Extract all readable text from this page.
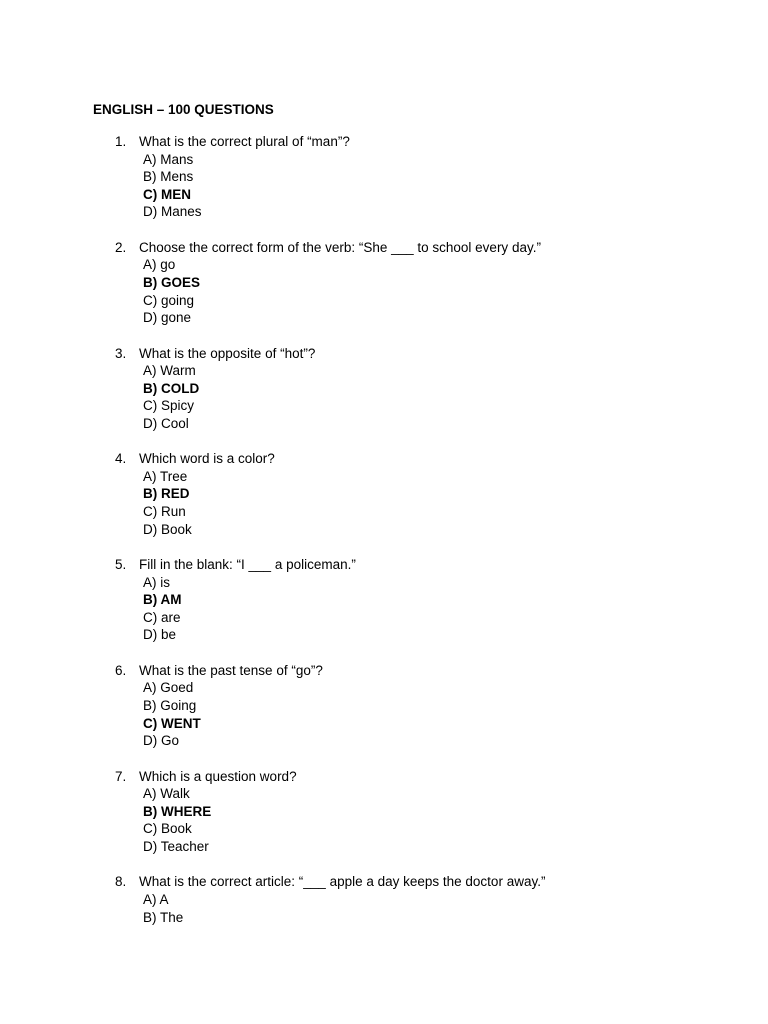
ENGLISH – 100 QUESTIONS
1. What is the correct plural of “man”?
A) Mans
B) Mens
C) MEN
D) Manes
2. Choose the correct form of the verb: “She ___ to school every day.”
A) go
B) GOES
C) going
D) gone
3. What is the opposite of “hot”?
A) Warm
B) COLD
C) Spicy
D) Cool
4. Which word is a color?
A) Tree
B) RED
C) Run
D) Book
5. Fill in the blank: “I ___ a policeman.”
A) is
B) AM
C) are
D) be
6. What is the past tense of “go”?
A) Goed
B) Going
C) WENT
D) Go
7. Which is a question word?
A) Walk
B) WHERE
C) Book
D) Teacher
8. What is the correct article: “___ apple a day keeps the doctor away.”
A) A
B) The
